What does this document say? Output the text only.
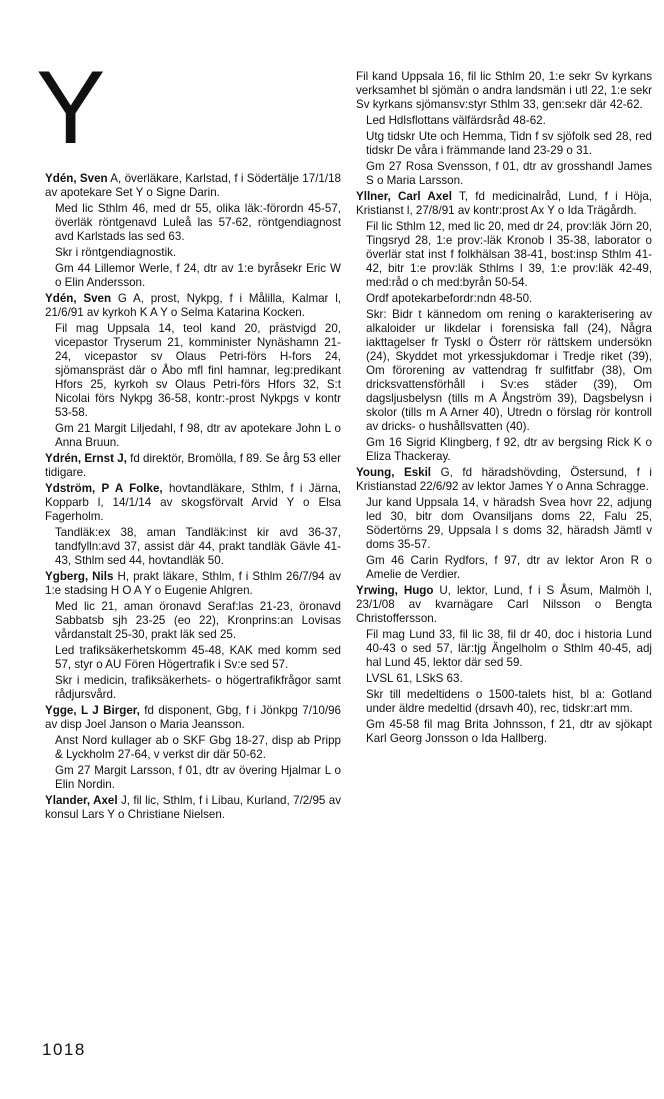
Y
Ydén, Sven A, överläkare, Karlstad, f i Södertälje 17/1/18 av apotekare Set Y o Signe Darin.
Med lic Sthlm 46, med dr 55, olika läk:-förordn 45-57, överläk röntgenavd Luleå las 57-62, röntgendiagnost avd Karlstads las sed 63.
Skr i röntgendiagnostik.
Gm 44 Lillemor Werle, f 24, dtr av 1:e byråsekr Eric W o Elin Andersson.
Ydén, Sven G A, prost, Nykpg, f i Målilla, Kalmar l, 21/6/91 av kyrkoh K A Y o Selma Katarina Kocken.
Fil mag Uppsala 14, teol kand 20, prästvigd 20, vicepastor Tryserum 21, komminister Nynäshamn 21-24, vicepastor sv Olaus Petri-förs H-fors 24, sjömanspräst där o Åbo mfl finl hamnar, leg:predikant Hfors 25, kyrkoh sv Olaus Petri-förs Hfors 32, S:t Nicolai förs Nykpg 36-58, kontr:-prost Nykpgs v kontr 53-58.
Gm 21 Margit Liljedahl, f 98, dtr av apotekare John L o Anna Bruun.
Ydrén, Ernst J, fd direktör, Bromölla, f 89. Se årg 53 eller tidigare.
Ydström, P A Folke, hovtandläkare, Sthlm, f i Järna, Kopparb l, 14/1/14 av skogsförvalt Arvid Y o Elsa Fagerholm.
Tandläk:ex 38, aman Tandläk:inst kir avd 36-37, tandfylln:avd 37, assist där 44, prakt tandläk Gävle 41-43, Sthlm sed 44, hovtandläk 50.
Ygberg, Nils H, prakt läkare, Sthlm, f i Sthlm 26/7/94 av 1:e stadsing H O A Y o Eugenie Ahlgren.
Med lic 21, aman öronavd Seraf:las 21-23, öronavd Sabbatsb sjh 23-25 (eo 22), Kronprins:an Lovisas vårdanstalt 25-30, prakt läk sed 25.
Led trafiksäkerhetskomm 45-48, KAK med komm sed 57, styr o AU Fören Högertrafik i Sv:e sed 57.
Skr i medicin, trafiksäkerhets- o högertrafikfrågor samt rådjursvård.
Ygge, L J Birger, fd disponent, Gbg, f i Jönkpg 7/10/96 av disp Joel Janson o Maria Jeansson.
Anst Nord kullager ab o SKF Gbg 18-27, disp ab Pripp & Lyckholm 27-64, v verkst dir där 50-62.
Gm 27 Margit Larsson, f 01, dtr av övering Hjalmar L o Elin Nordin.
Ylander, Axel J, fil lic, Sthlm, f i Libau, Kurland, 7/2/95 av konsul Lars Y o Christiane Nielsen.
Fil kand Uppsala 16, fil lic Sthlm 20, 1:e sekr Sv kyrkans verksamhet bl sjömän o andra landsmän i utl 22, 1:e sekr Sv kyrkans sjömansv:styr Sthlm 33, gen:sekr där 42-62.
Led Hdlsflottans välfärdsråd 48-62.
Utg tidskr Ute och Hemma, Tidn f sv sjöfolk sed 28, red tidskr De våra i främmande land 23-29 o 31.
Gm 27 Rosa Svensson, f 01, dtr av grosshandl James S o Maria Larsson.
Yllner, Carl Axel T, fd medicinalråd, Lund, f i Höja, Kristianst l, 27/8/91 av kontr:prost Ax Y o Ida Trägårdh.
Fil lic Sthlm 12, med lic 20, med dr 24, prov:läk Jörn 20, Tingsryd 28, 1:e prov:-läk Kronob l 35-38, laborator o överlär stat inst f folkhälsan 38-41, bost:insp Sthlm 41-42, bitr 1:e prov:läk Sthlms l 39, 1:e prov:läk 42-49, med:råd o ch med:byrån 50-54.
Ordf apotekarbefordr:ndn 48-50.
Skr: Bidr t kännedom om rening o karakterisering av alkaloider ur likdelar i forensiska fall (24), Några iakttagelser fr Tyskl o Österr rör rättskem undersökn (24), Skyddet mot yrkessjukdomar i Tredje riket (39), Om förorening av vattendrag fr sulfitfabr (38), Om dricksvattensförhåll i Sv:es städer (39), Om dagsljusbelysn (tills m A Ångström 39), Dagsbelysn i skolor (tills m A Arner 40), Utredn o förslag rör kontroll av dricks- o hushållsvatten (40).
Gm 16 Sigrid Klingberg, f 92, dtr av bergsing Rick K o Eliza Thackeray.
Young, Eskil G, fd häradshövding, Östersund, f i Kristianstad 22/6/92 av lektor James Y o Anna Schragge.
Jur kand Uppsala 14, v häradsh Svea hovr 22, adjung led 30, bitr dom Ovansiljans doms 22, Falu 25, Södertörns 29, Uppsala l s doms 32, häradsh Jämtl v doms 35-57.
Gm 46 Carin Rydfors, f 97, dtr av lektor Aron R o Amelie de Verdier.
Yrwing, Hugo U, lektor, Lund, f i S Åsum, Malmöh l, 23/1/08 av kvarnägare Carl Nilsson o Bengta Christoffersson.
Fil mag Lund 33, fil lic 38, fil dr 40, doc i historia Lund 40-43 o sed 57, lär:tjg Ängelholm o Sthlm 40-45, adj hal Lund 45, lektor där sed 59.
LVSL 61, LSkS 63.
Skr till medeltidens o 1500-talets hist, bl a: Gotland under äldre medeltid (drsavh 40), rec, tidskr:art mm.
Gm 45-58 fil mag Brita Johnsson, f 21, dtr av sjökapt Karl Georg Jonsson o Ida Hallberg.

1018
